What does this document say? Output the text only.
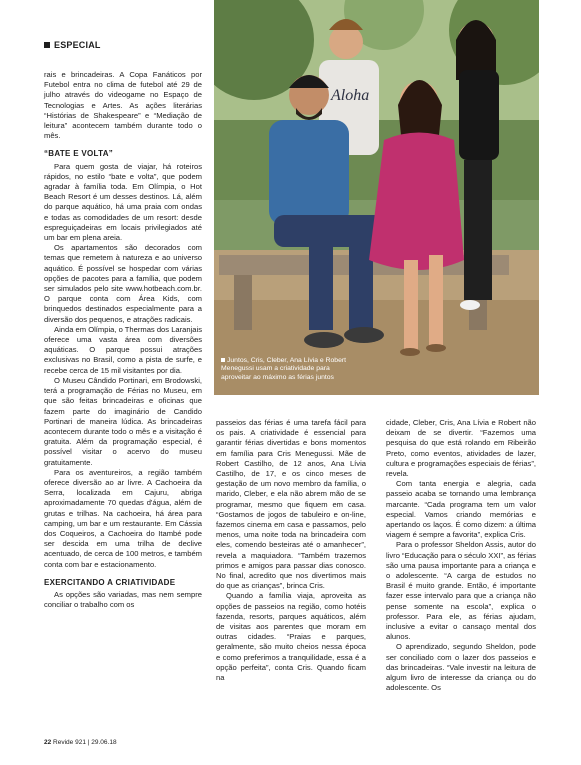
ESPECIAL
Aloha
Juntos, Cris, Cleber, Ana Lívia e Robert Menegussi usam a criatividade para aproveitar ao máximo as férias juntos

rais e brincadeiras. A Copa Fanáticos por Futebol entra no clima de futebol até 29 de julho através do videogame no Espaço de Tecnologias e Artes. As ações literárias “Histórias de Shakespeare” e “Mediação de leitura” acontecem também durante todo o mês.

“BATE E VOLTA”

Para quem gosta de viajar, há roteiros rápidos, no estilo “bate e volta”, que podem agradar à família toda. Em Olímpia, o Hot Beach Resort é um desses destinos. Lá, além do parque aquático, há uma praia com ondas e todas as comodidades de um resort: desde espreguiçadeiras em locais privilegiados até um bar em plena areia.

Os apartamentos são decorados com temas que remetem à natureza e ao universo aquático. É possível se hospedar com várias opções de pacotes para a família, que podem ser simulados pelo site www.hotbeach.com.br. O parque conta com Área Kids, com brinquedos destinados especialmente para a diversão dos pequenos, e atrações radicais.

Ainda em Olímpia, o Thermas dos Laranjais oferece uma vasta área com diversões aquáticas. O parque possui atrações exclusivas no Brasil, como a pista de surfe, e recebe cerca de 15 mil visitantes por dia.

O Museu Cândido Portinari, em Brodowski, terá a programação de Férias no Museu, em que são feitas brincadeiras e oficinas que fazem parte do imaginário de Candido Portinari de maneira lúdica. As brincadeiras acontecem durante todo o mês e a visitação é gratuita. Além da programação especial, é possível visitar o acervo do museu gratuitamente.

Para os aventureiros, a região também oferece diversão ao ar livre. A Cachoeira da Serra, localizada em Cajuru, abriga aproximadamente 70 quedas d'água, além de grutas e trilhas. Na cachoeira, há área para camping, um bar e um restaurante. Em Cássia dos Coqueiros, a Cachoeira do Itambé pode ser descida em uma trilha de declive acentuado, de cerca de 100 metros, e também conta com bar e estacionamento.

EXERCITANDO A CRIATIVIDADE

As opções são variadas, mas nem sempre conciliar o trabalho com os

passeios das férias é uma tarefa fácil para os pais. A criatividade é essencial para garantir férias divertidas e bons momentos em família para Cris Menegussi. Mãe de Robert Castilho, de 12 anos, Ana Lívia Castilho, de 17, e os cinco meses de gestação de um novo membro da família, o marido, Cleber, e ela não abrem mão de se programar, mesmo que fiquem em casa. “Gostamos de jogos de tabuleiro e on-line, fazemos cinema em casa e passamos, pelo menos, uma noite toda na brincadeira com eles, comendo besteiras até o amanhecer”, revela a maquiadora. “Também trazemos primos e amigos para passar dias conosco. No final, acredito que nos divertimos mais do que as crianças”, brinca Cris.

Quando a família viaja, aproveita as opções de passeios na região, como hotéis fazenda, resorts, parques aquáticos, além de visitas aos parentes que moram em outras cidades. “Praias e parques, geralmente, são muito cheios nessa época e como preferimos a tranquilidade, essa é a opção perfeita”, conta Cris. Quando ficam na

cidade, Cleber, Cris, Ana Lívia e Robert não deixam de se divertir. “Fazemos uma pesquisa do que está rolando em Ribeirão Preto, como eventos, atividades de lazer, cultura e programações especiais de férias”, revela.

Com tanta energia e alegria, cada passeio acaba se tornando uma lembrança marcante. “Cada programa tem um valor especial. Vamos criando memórias e apertando os laços. É como dizem: a última viagem é sempre a favorita”, explica Cris.

Para o professor Sheldon Assis, autor do livro “Educação para o século XXI”, as férias são uma pausa importante para a criança e o adolescente. “A carga de estudos no Brasil é muito grande. Então, é importante fazer esse intervalo para que a criança não pense somente na escola”, explica o professor. Para ele, as férias ajudam, inclusive a evitar o cansaço mental dos alunos.

O aprendizado, segundo Sheldon, pode ser conciliado com o lazer dos passeios e das brincadeiras. “Vale investir na leitura de algum livro de interesse da criança ou do adolescente. Os

22 Revide 921 | 29.06.18
